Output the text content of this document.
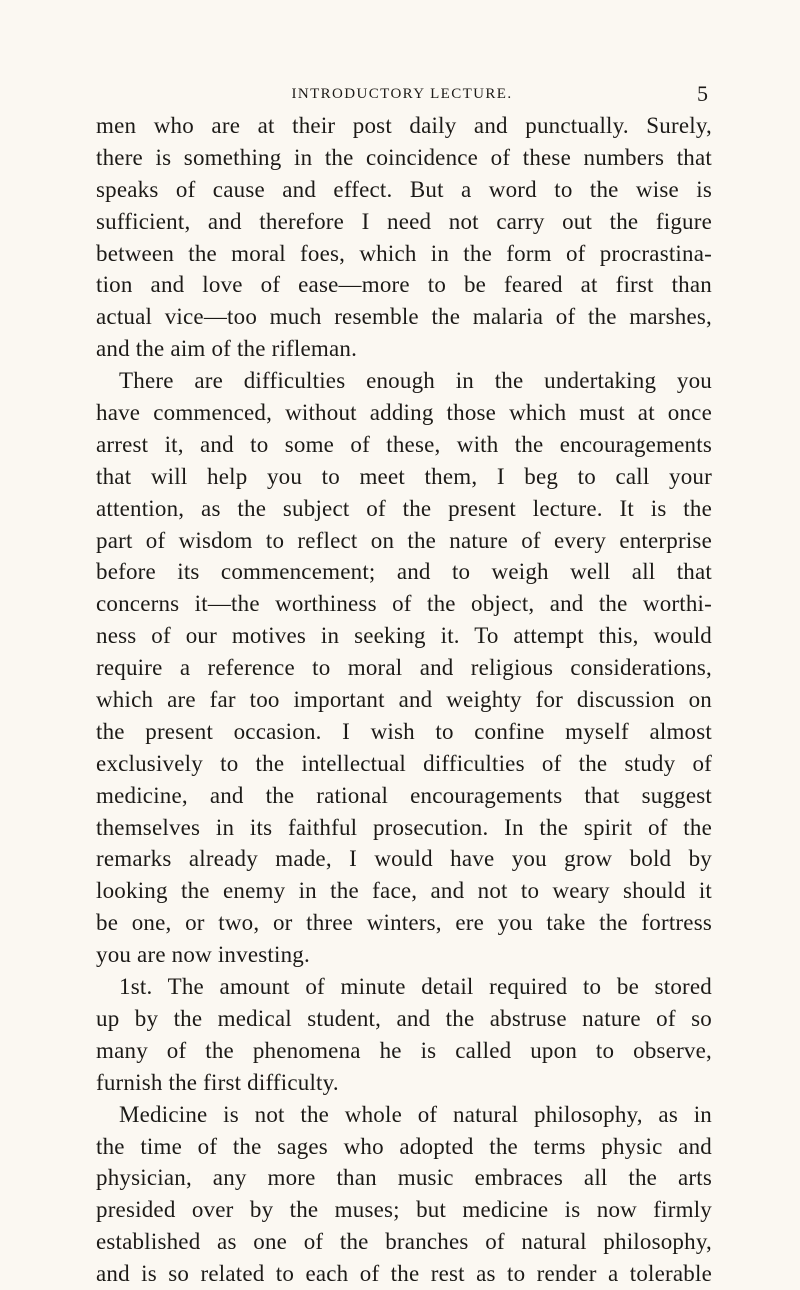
INTRODUCTORY LECTURE.	5
men who are at their post daily and punctually. Surely,
there is something in the coincidence of these numbers that
speaks of cause and effect. But a word to the wise is
sufficient, and therefore I need not carry out the figure
between the moral foes, which in the form of procrastina-
tion and love of ease—more to be feared at first than
actual vice—too much resemble the malaria of the marshes,
and the aim of the rifleman.
There are difficulties enough in the undertaking you
have commenced, without adding those which must at once
arrest it, and to some of these, with the encouragements
that will help you to meet them, I beg to call your
attention, as the subject of the present lecture. It is the
part of wisdom to reflect on the nature of every enterprise
before its commencement; and to weigh well all that
concerns it—the worthiness of the object, and the worthi-
ness of our motives in seeking it. To attempt this, would
require a reference to moral and religious considerations,
which are far too important and weighty for discussion on
the present occasion. I wish to confine myself almost
exclusively to the intellectual difficulties of the study of
medicine, and the rational encouragements that suggest
themselves in its faithful prosecution. In the spirit of the
remarks already made, I would have you grow bold by
looking the enemy in the face, and not to weary should it
be one, or two, or three winters, ere you take the fortress
you are now investing.
1st. The amount of minute detail required to be stored
up by the medical student, and the abstruse nature of so
many of the phenomena he is called upon to observe,
furnish the first difficulty.
Medicine is not the whole of natural philosophy, as in
the time of the sages who adopted the terms physic and
physician, any more than music embraces all the arts
presided over by the muses; but medicine is now firmly
established as one of the branches of natural philosophy,
and is so related to each of the rest as to render a tolerable
